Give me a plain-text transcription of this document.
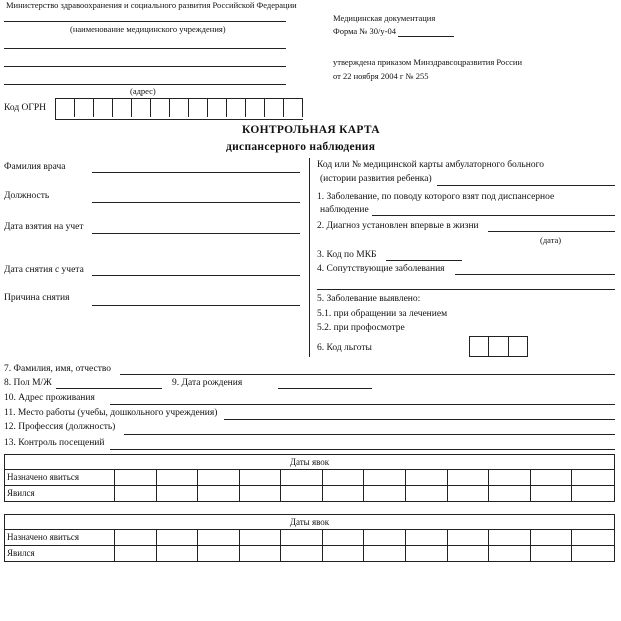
Министерство здравоохранения и социального развития Российской Федерации
(наименование медицинского учреждения)
(адрес)
Код ОГРН
Медицинская документация
Форма № 30/у-04
утверждена приказом Минздравсоцразвития России
от 22 ноября 2004 г № 255
КОНТРОЛЬНАЯ КАРТА
диспансерного наблюдения
Фамилия врача
Должность
Дата взятия на учет
Дата снятия с учета
Причина снятия
Код или № медицинской карты амбулаторного больного
(истории развития ребенка)
1. Заболевание, по поводу которого взят под диспансерное
наблюдение
2. Диагноз установлен впервые в жизни
(дата)
3. Код по МКБ
4. Сопутствующие заболевания
5. Заболевание выявлено:
5.1. при обращении за лечением
5.2. при профосмотре
6. Код льготы
7. Фамилия, имя, отчество
8. Пол М/Ж	9. Дата рождения
10. Адрес проживания
11. Место работы (учебы, дошкольного учреждения)
12. Профессия (должность)
13. Контроль посещений
Даты явок
Назначено явиться
Явился
Даты явок
Назначено явиться
Явился
